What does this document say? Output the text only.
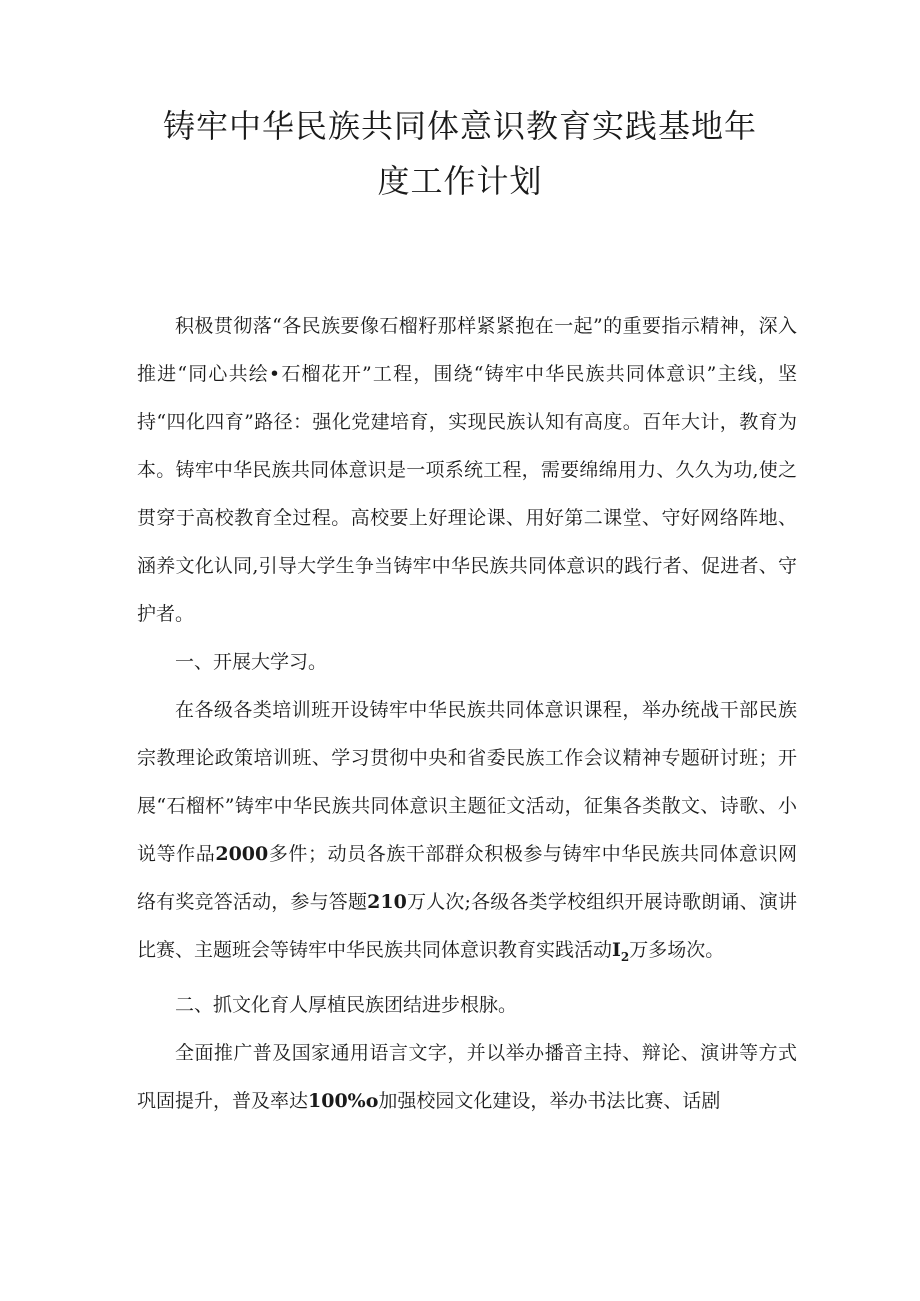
铸牢中华民族共同体意识教育实践基地年
度工作计划

积极贯彻落“各民族要像石榴籽那样紧紧抱在一起”的重要指示精神，深入推进“同心共绘•石榴花开”工程，围绕“铸牢中华民族共同体意识”主线，坚持“四化四育”路径：强化党建培育，实现民族认知有高度。百年大计，教育为本。铸牢中华民族共同体意识是一项系统工程，需要绵绵用力、久久为功,使之贯穿于高校教育全过程。高校要上好理论课、用好第二课堂、守好网络阵地、涵养文化认同,引导大学生争当铸牢中华民族共同体意识的践行者、促进者、守护者。

一、开展大学习。

在各级各类培训班开设铸牢中华民族共同体意识课程，举办统战干部民族宗教理论政策培训班、学习贯彻中央和省委民族工作会议精神专题研讨班；开展“石榴杯”铸牢中华民族共同体意识主题征文活动，征集各类散文、诗歌、小说等作品2000多件；动员各族干部群众积极参与铸牢中华民族共同体意识网络有奖竞答活动，参与答题210万人次;各级各类学校组织开展诗歌朗诵、演讲比赛、主题班会等铸牢中华民族共同体意识教育实践活动$I_2$万多场次。

二、抓文化育人厚植民族团结进步根脉。

全面推广普及国家通用语言文字，并以举办播音主持、辩论、演讲等方式巩固提升，普及率达100%o加强校园文化建设，举办书法比赛、话剧
